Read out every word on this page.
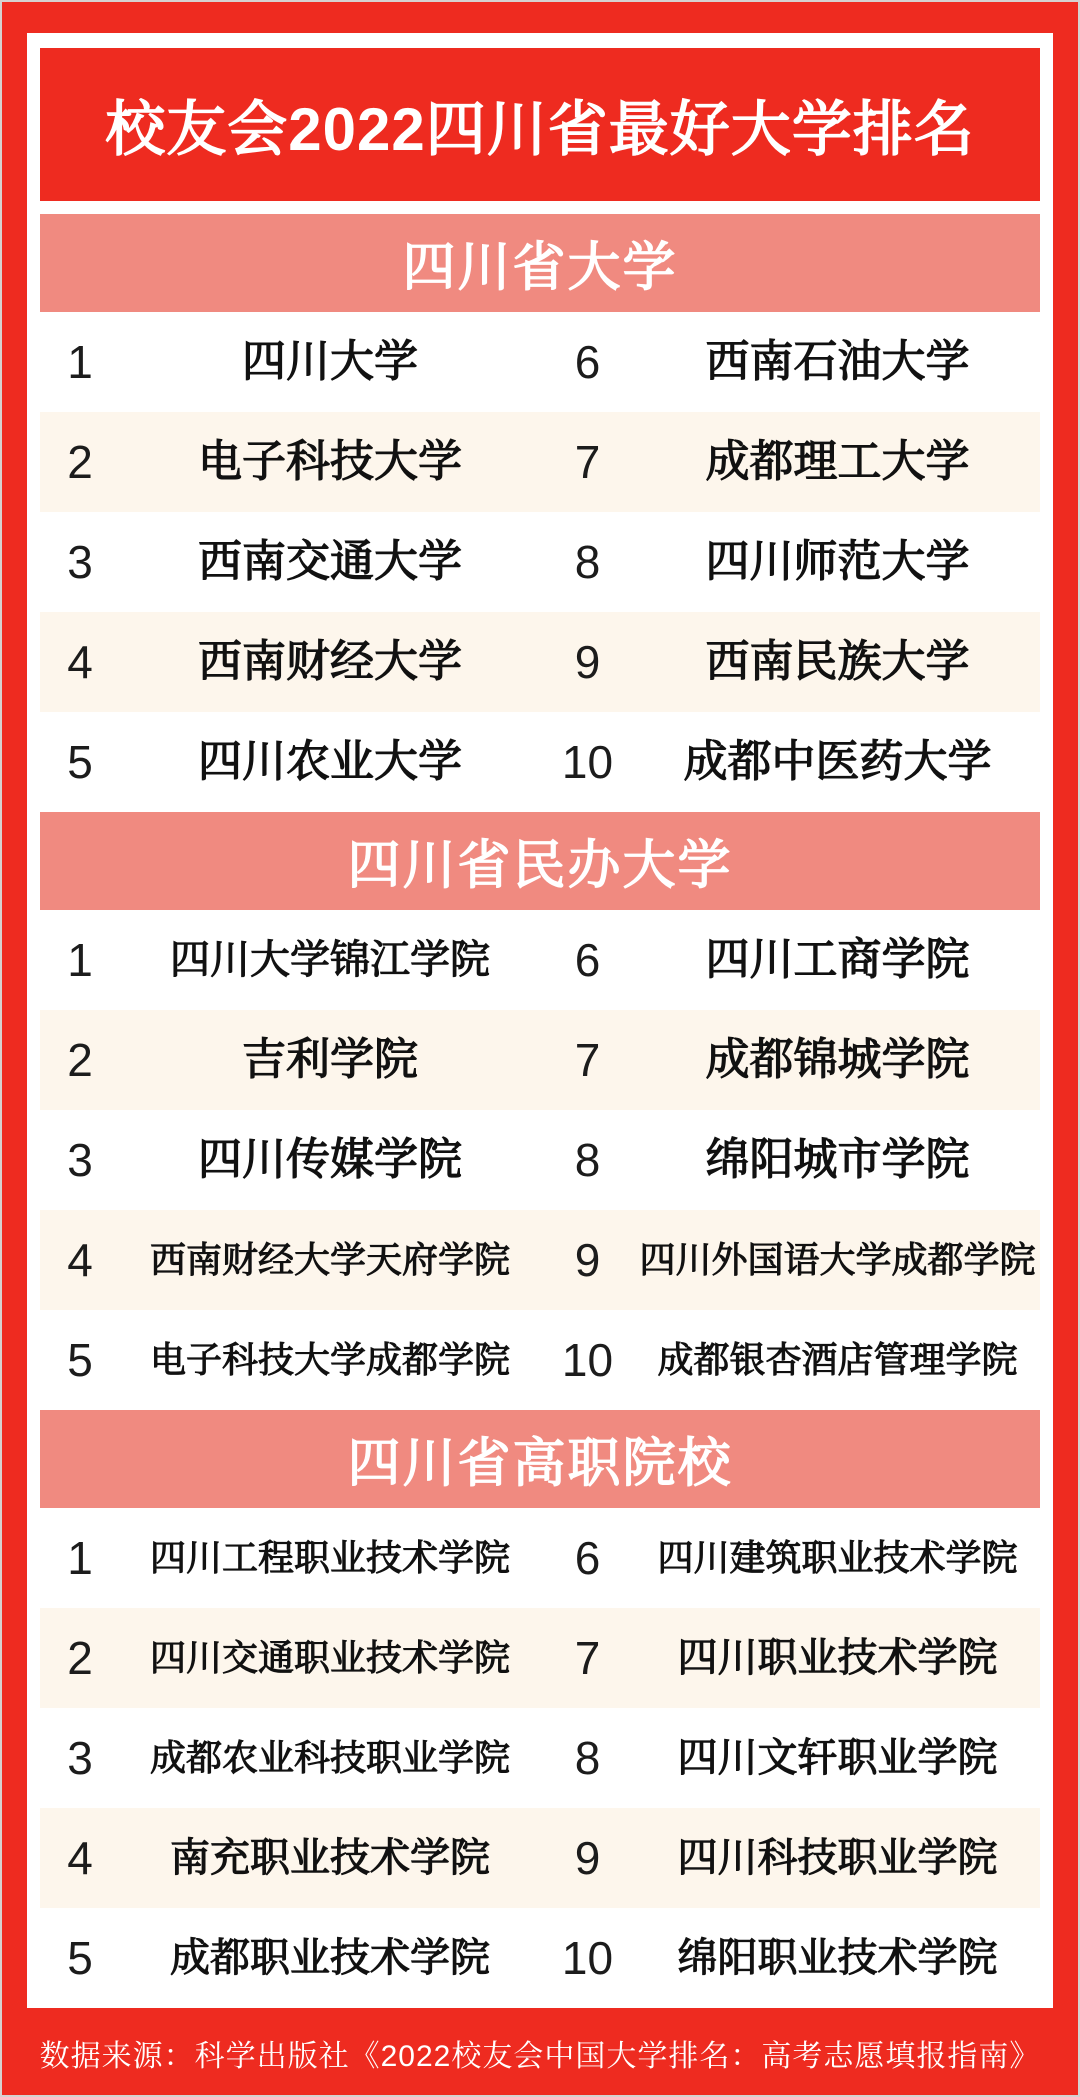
校友会2022四川省最好大学排名
四川省大学
1	四川大学	6	西南石油大学
2	电子科技大学	7	成都理工大学
3	西南交通大学	8	四川师范大学
4	西南财经大学	9	西南民族大学
5	四川农业大学	10	成都中医药大学
四川省民办大学
1	四川大学锦江学院	6	四川工商学院
2	吉利学院	7	成都锦城学院
3	四川传媒学院	8	绵阳城市学院
4	西南财经大学天府学院	9	四川外国语大学成都学院
5	电子科技大学成都学院	10	成都银杏酒店管理学院
四川省高职院校
1	四川工程职业技术学院	6	四川建筑职业技术学院
2	四川交通职业技术学院	7	四川职业技术学院
3	成都农业科技职业学院	8	四川文轩职业学院
4	南充职业技术学院	9	四川科技职业学院
5	成都职业技术学院	10	绵阳职业技术学院
数据来源：科学出版社《2022校友会中国大学排名：高考志愿填报指南》
